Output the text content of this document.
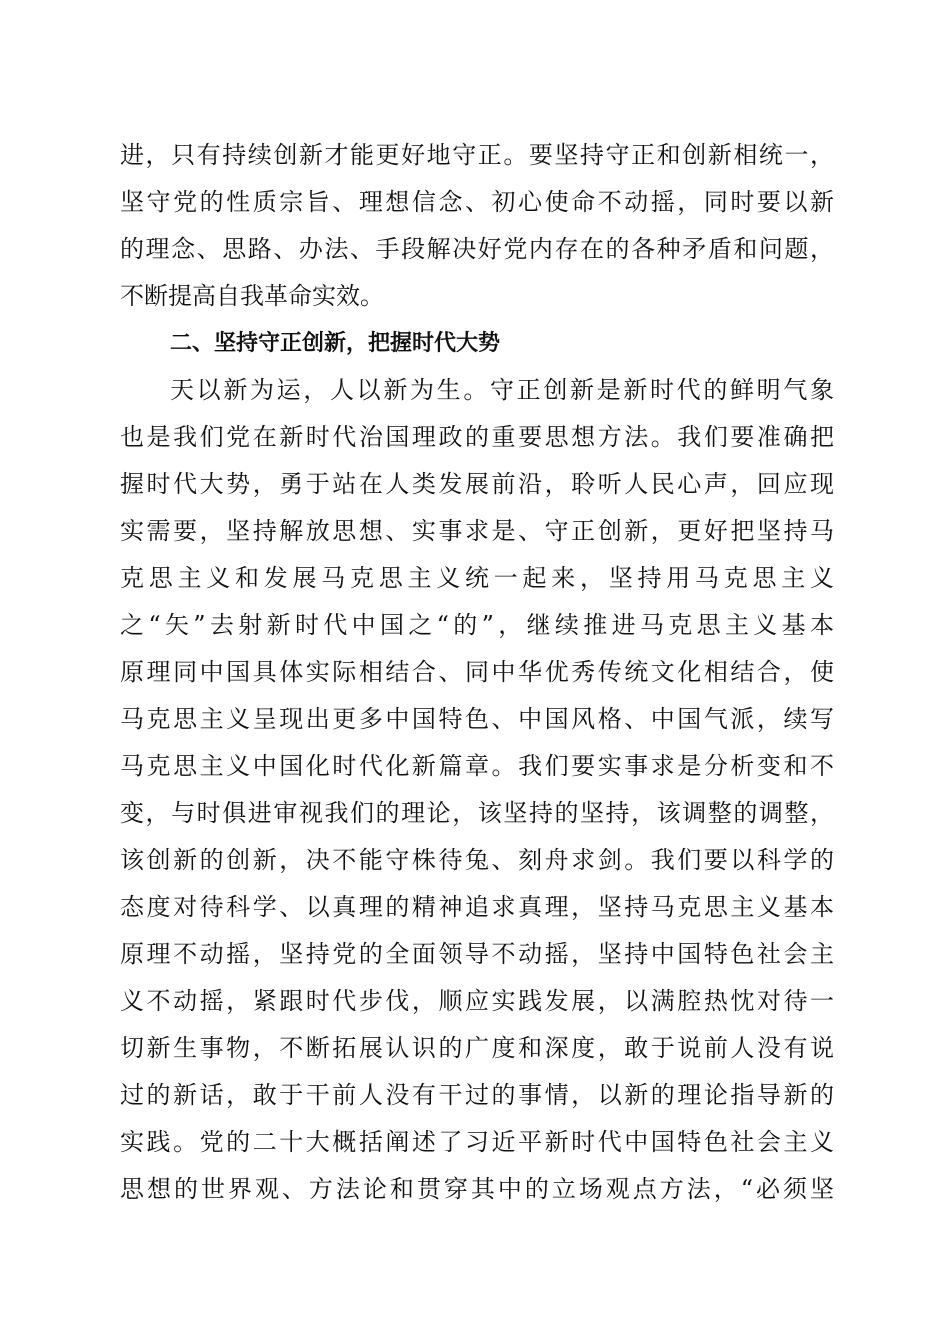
进，只有持续创新才能更好地守正。要坚持守正和创新相统一，
坚守党的性质宗旨、理想信念、初心使命不动摇，同时要以新
的理念、思路、办法、手段解决好党内存在的各种矛盾和问题，
不断提高自我革命实效。
二、坚持守正创新，把握时代大势
天以新为运，人以新为生。守正创新是新时代的鲜明气象
也是我们党在新时代治国理政的重要思想方法。我们要准确把
握时代大势，勇于站在人类发展前沿，聆听人民心声，回应现
实需要，坚持解放思想、实事求是、守正创新，更好把坚持马
克思主义和发展马克思主义统一起来，坚持用马克思主义
之“矢”去射新时代中国之“的”，继续推进马克思主义基本
原理同中国具体实际相结合、同中华优秀传统文化相结合，使
马克思主义呈现出更多中国特色、中国风格、中国气派，续写
马克思主义中国化时代化新篇章。我们要实事求是分析变和不
变，与时俱进审视我们的理论，该坚持的坚持，该调整的调整，
该创新的创新，决不能守株待兔、刻舟求剑。我们要以科学的
态度对待科学、以真理的精神追求真理，坚持马克思主义基本
原理不动摇，坚持党的全面领导不动摇，坚持中国特色社会主
义不动摇，紧跟时代步伐，顺应实践发展，以满腔热忱对待一
切新生事物，不断拓展认识的广度和深度，敢于说前人没有说
过的新话，敢于干前人没有干过的事情，以新的理论指导新的
实践。党的二十大概括阐述了习近平新时代中国特色社会主义
思想的世界观、方法论和贯穿其中的立场观点方法，“必须坚
